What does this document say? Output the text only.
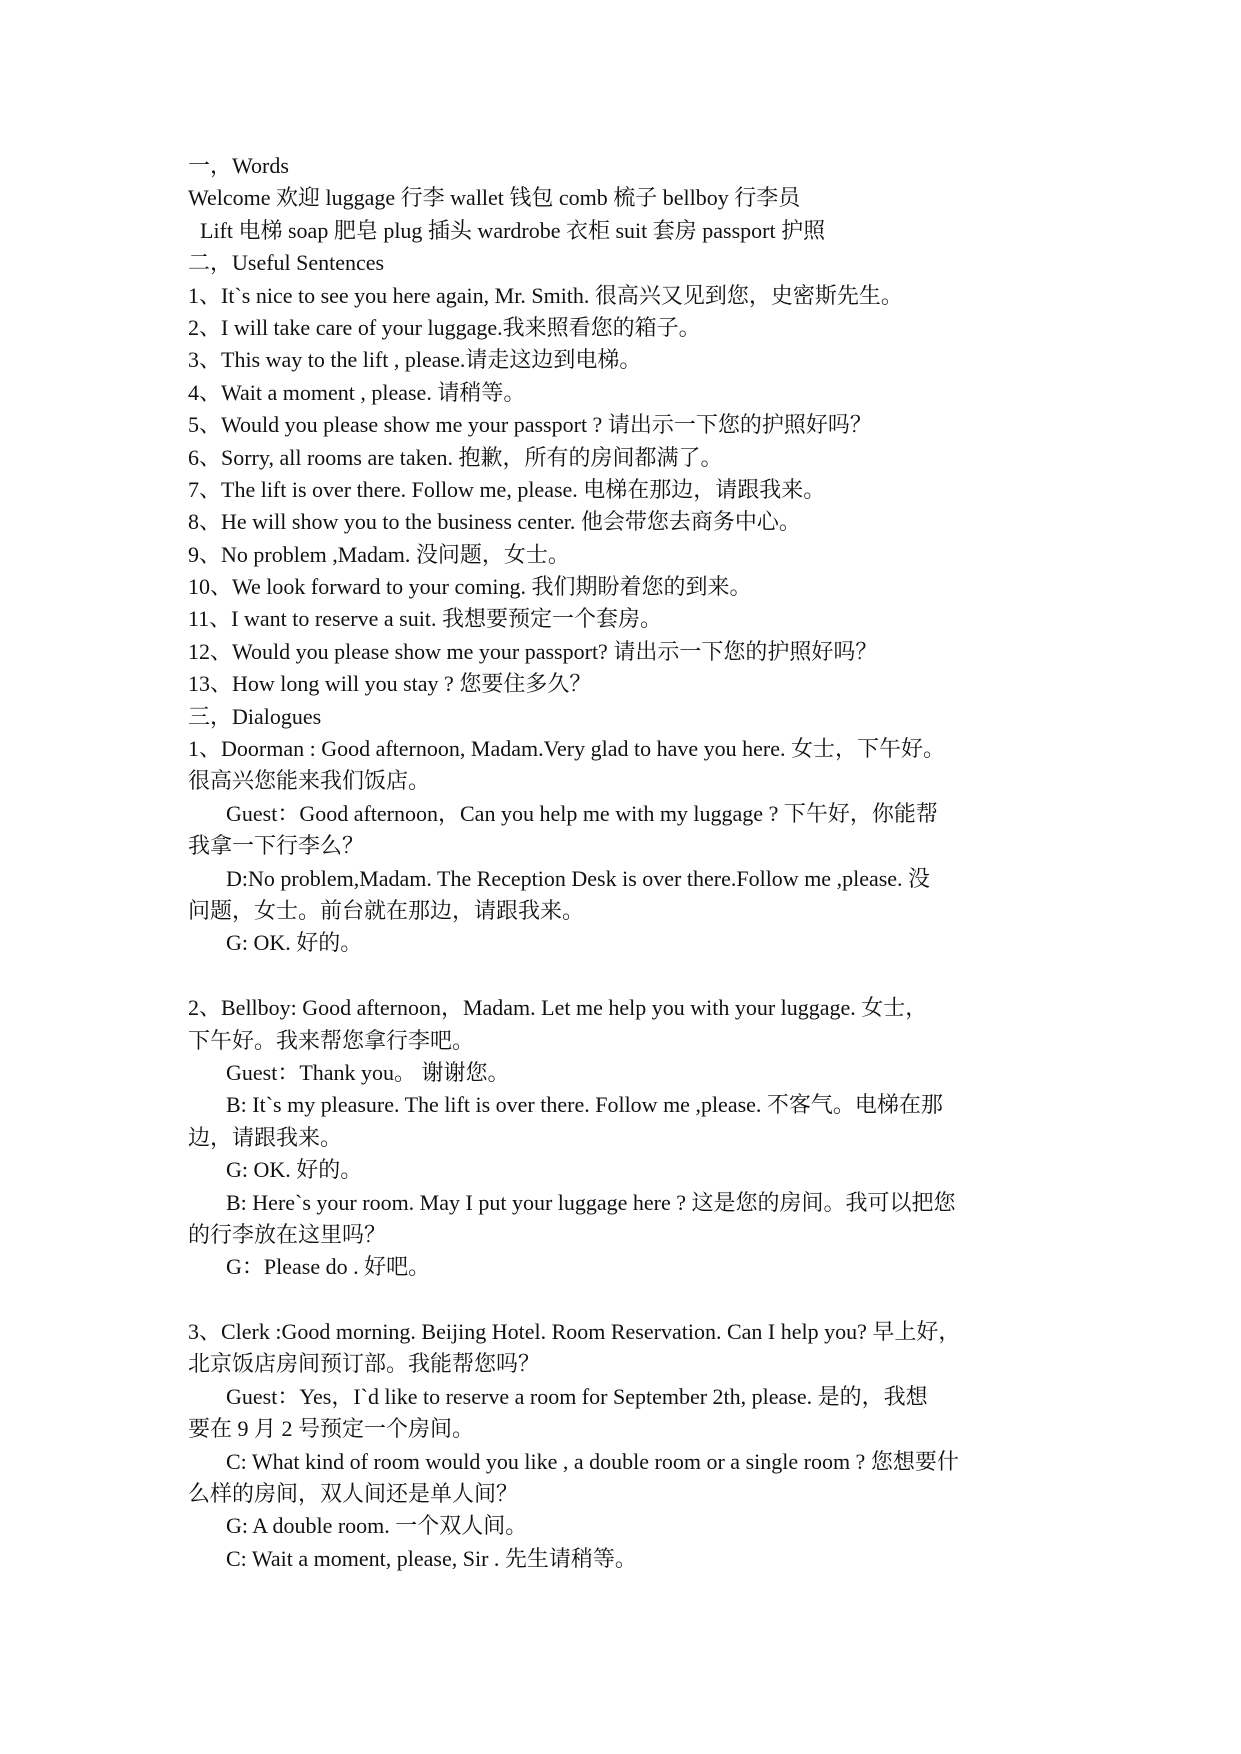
一，Words
Welcome 欢迎 luggage 行李 wallet 钱包 comb 梳子 bellboy 行李员
Lift 电梯 soap 肥皂 plug 插头 wardrobe 衣柜 suit 套房 passport 护照
二，Useful Sentences
1、It`s nice to see you here again, Mr. Smith. 很高兴又见到您，史密斯先生。
2、I will take care of your luggage.我来照看您的箱子。
3、This way to the lift , please.请走这边到电梯。
4、Wait a moment , please. 请稍等。
5、Would you please show me your passport ? 请出示一下您的护照好吗？
6、Sorry, all rooms are taken. 抱歉，所有的房间都满了。
7、The lift is over there. Follow me, please. 电梯在那边，请跟我来。
8、He will show you to the business center. 他会带您去商务中心。
9、No problem ,Madam. 没问题，女士。
10、We look forward to your coming. 我们期盼着您的到来。
11、I want to reserve a suit. 我想要预定一个套房。
12、Would you please show me your passport? 请出示一下您的护照好吗？
13、How long will you stay ? 您要住多久？
三，Dialogues
1、Doorman : Good afternoon, Madam.Very glad to have you here. 女士，下午好。
很高兴您能来我们饭店。
Guest：Good afternoon，Can you help me with my luggage ? 下午好，你能帮
我拿一下行李么？
D:No problem,Madam. The Reception Desk is over there.Follow me ,please. 没
问题，女士。前台就在那边，请跟我来。
G: OK. 好的。
2、Bellboy: Good afternoon，Madam. Let me help you with your luggage. 女士，
下午好。我来帮您拿行李吧。
Guest：Thank you。 谢谢您。
B: It`s my pleasure. The lift is over there. Follow me ,please. 不客气。电梯在那
边，请跟我来。
G: OK. 好的。
B: Here`s your room. May I put your luggage here ? 这是您的房间。我可以把您
的行李放在这里吗？
G：Please do . 好吧。
3、Clerk :Good morning. Beijing Hotel. Room Reservation. Can I help you? 早上好，
北京饭店房间预订部。我能帮您吗？
Guest：Yes，I`d like to reserve a room for September 2th, please. 是的，我想
要在 9 月 2 号预定一个房间。
C: What kind of room would you like , a double room or a single room ? 您想要什
么样的房间，双人间还是单人间？
G: A double room. 一个双人间。
C: Wait a moment, please, Sir . 先生请稍等。
